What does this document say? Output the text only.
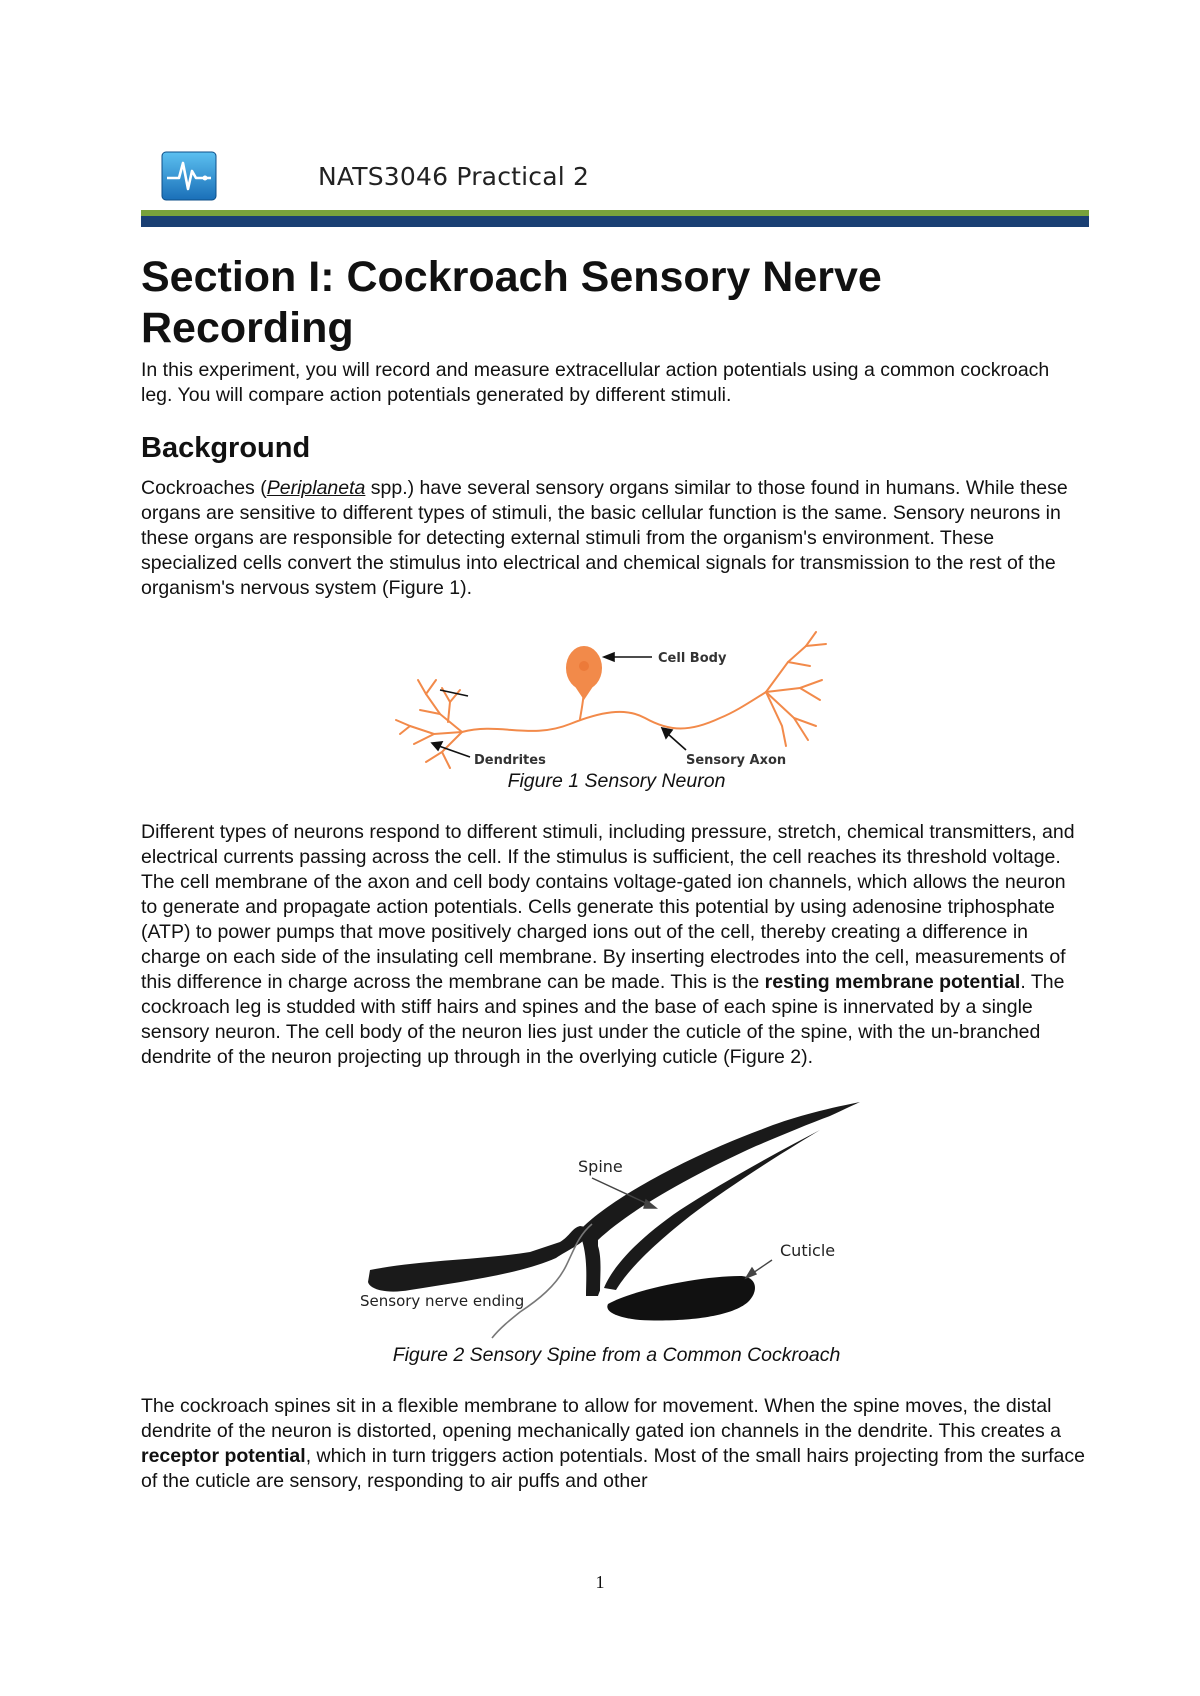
NATS3046 Practical 2
Section I: Cockroach Sensory Nerve Recording

In this experiment, you will record and measure extracellular action potentials using a common cockroach leg. You will compare action potentials generated by different stimuli.

Background

Cockroaches (Periplaneta spp.) have several sensory organs similar to those found in humans. While these organs are sensitive to different types of stimuli, the basic cellular function is the same. Sensory neurons in these organs are responsible for detecting external stimuli from the organism's environment. These specialized cells convert the stimulus into electrical and chemical signals for transmission to the rest of the organism's nervous system (Figure 1).

Cell Body
Dendrites	Sensory Axon
Figure 1 Sensory Neuron

Different types of neurons respond to different stimuli, including pressure, stretch, chemical transmitters, and electrical currents passing across the cell. If the stimulus is sufficient, the cell reaches its threshold voltage. The cell membrane of the axon and cell body contains voltage-gated ion channels, which allows the neuron to generate and propagate action potentials. Cells generate this potential by using adenosine triphosphate (ATP) to power pumps that move positively charged ions out of the cell, thereby creating a difference in charge on each side of the insulating cell membrane. By inserting electrodes into the cell, measurements of this difference in charge across the membrane can be made. This is the resting membrane potential. The cockroach leg is studded with stiff hairs and spines and the base of each spine is innervated by a single sensory neuron. The cell body of the neuron lies just under the cuticle of the spine, with the un-branched dendrite of the neuron projecting up through in the overlying cuticle (Figure 2).

Spine
Cuticle
Sensory nerve ending
Figure 2 Sensory Spine from a Common Cockroach

The cockroach spines sit in a flexible membrane to allow for movement. When the spine moves, the distal dendrite of the neuron is distorted, opening mechanically gated ion channels in the dendrite. This creates a receptor potential, which in turn triggers action potentials. Most of the small hairs projecting from the surface of the cuticle are sensory, responding to air puffs and other

1
